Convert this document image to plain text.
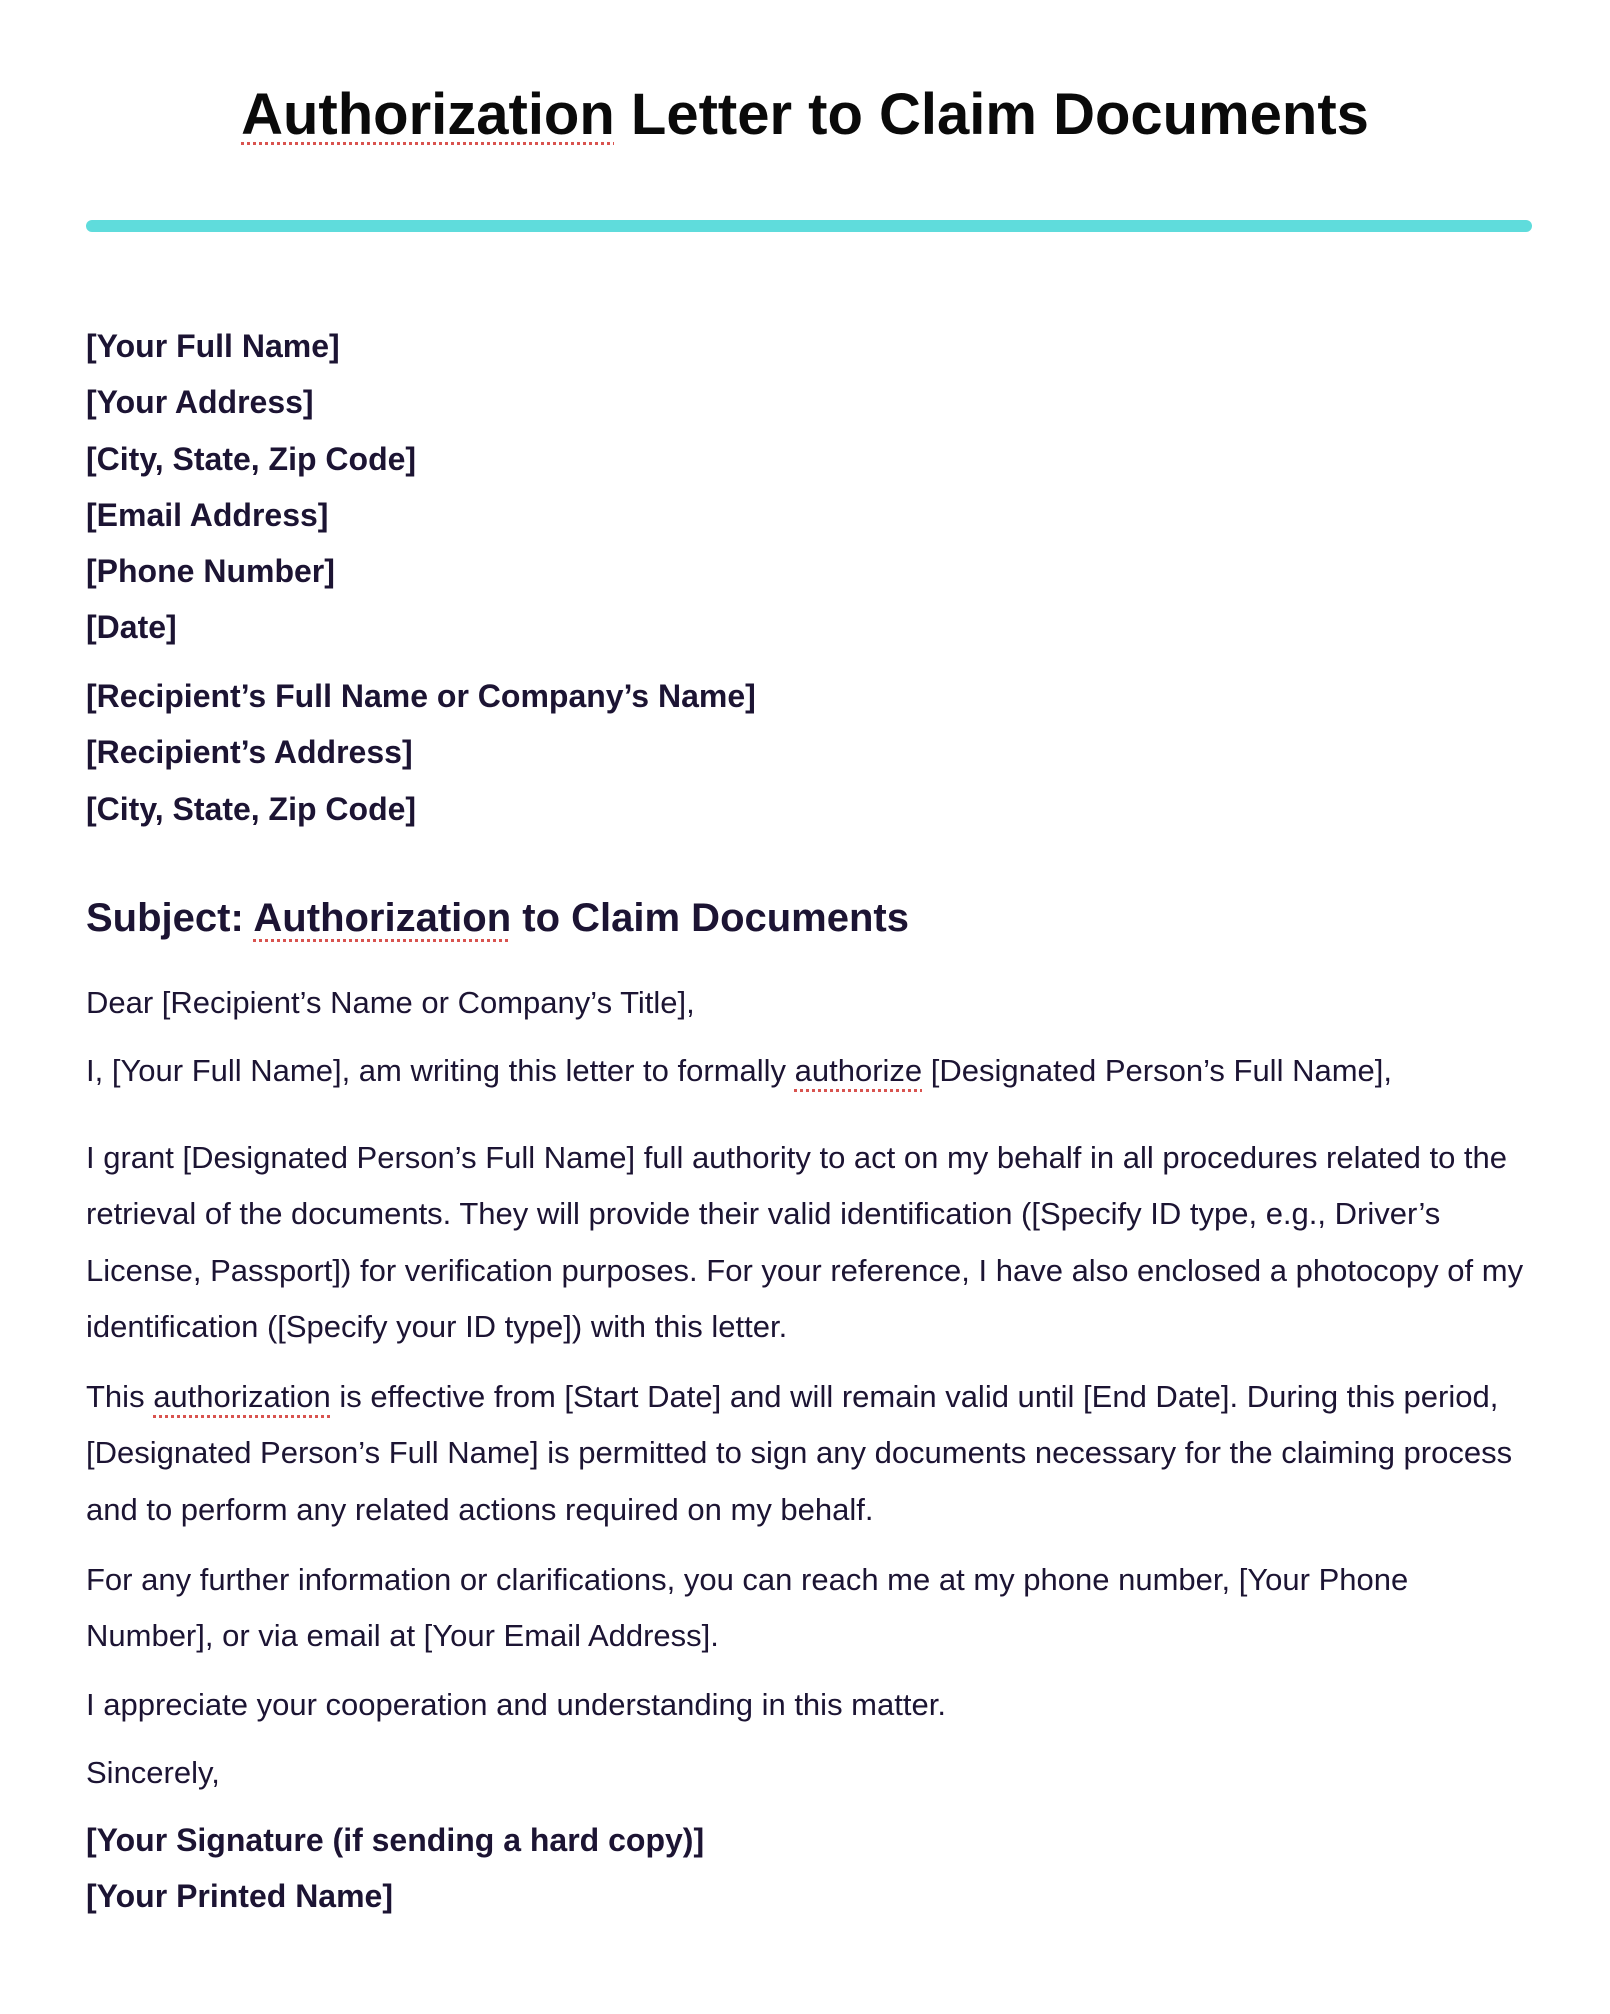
Authorization Letter to Claim Documents

[Your Full Name]

[Your Address]

[City, State, Zip Code]

[Email Address]

[Phone Number]

[Date]

[Recipient’s Full Name or Company’s Name]

[Recipient’s Address]

[City, State, Zip Code]

Subject: Authorization to Claim Documents

Dear [Recipient’s Name or Company’s Title],

I, [Your Full Name], am writing this letter to formally authorize [Designated Person’s Full Name],

I grant [Designated Person’s Full Name] full authority to act on my behalf in all procedures related to the retrieval of the documents. They will provide their valid identification ([Specify ID type, e.g., Driver’s License, Passport]) for verification purposes. For your reference, I have also enclosed a photocopy of my identification ([Specify your ID type]) with this letter.

This authorization is effective from [Start Date] and will remain valid until [End Date]. During this period, [Designated Person’s Full Name] is permitted to sign any documents necessary for the claiming process and to perform any related actions required on my behalf.

For any further information or clarifications, you can reach me at my phone number, [Your Phone Number], or via email at [Your Email Address].

I appreciate your cooperation and understanding in this matter.

Sincerely,

[Your Signature (if sending a hard copy)]

[Your Printed Name]
